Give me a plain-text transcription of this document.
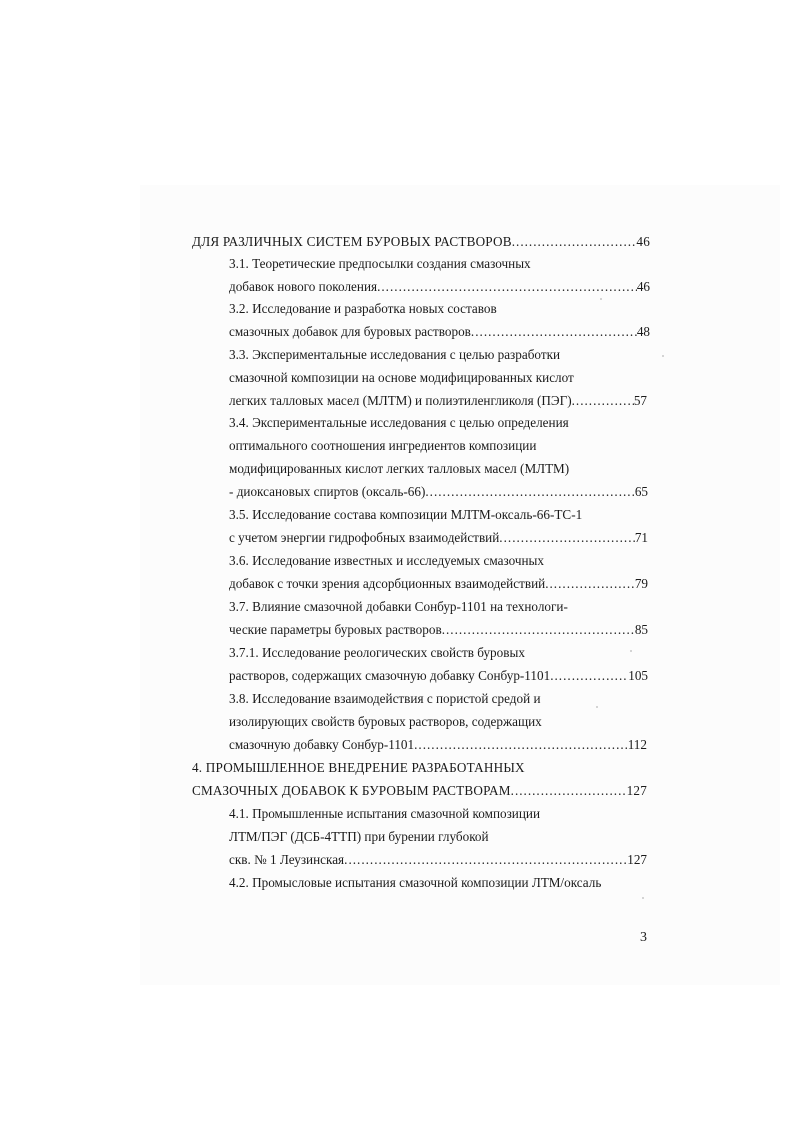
ДЛЯ РАЗЛИЧНЫХ СИСТЕМ БУРОВЫХ РАСТВОРОВ .....	46
3.1. Теоретические предпосылки создания смазочных
добавок нового поколения .....	46
3.2. Исследование и разработка новых составов
смазочных добавок для буровых растворов .....	48
3.3. Экспериментальные исследования с целью разработки
смазочной композиции на основе модифицированных кислот
легких талловых масел (МЛТМ) и полиэтиленгликоля (ПЭГ) .....	57
3.4. Экспериментальные исследования с целью определения
оптимального соотношения ингредиентов композиции
модифицированных кислот легких талловых масел (МЛТМ)
- диоксановых спиртов (оксаль-66) .....	65
3.5. Исследование состава композиции МЛТМ-оксаль-66-ТС-1
с учетом энергии гидрофобных взаимодействий .....	71
3.6. Исследование известных и исследуемых смазочных
добавок с точки зрения адсорбционных взаимодействий .....	79
3.7. Влияние смазочной добавки Сонбур-1101 на технологи-
ческие параметры буровых растворов .....	85
3.7.1. Исследование реологических свойств буровых
растворов, содержащих смазочную добавку Сонбур-1101 .....	105
3.8. Исследование взаимодействия с пористой средой и
изолирующих свойств буровых растворов, содержащих
смазочную добавку Сонбур-1101 .....	112
4. ПРОМЫШЛЕННОЕ ВНЕДРЕНИЕ РАЗРАБОТАННЫХ
СМАЗОЧНЫХ ДОБАВОК К БУРОВЫМ РАСТВОРАМ .....	127
4.1. Промышленные испытания смазочной композиции
ЛТМ/ПЭГ (ДСБ-4ТТП) при бурении глубокой
скв. № 1 Леузинская .....	127
4.2. Промысловые испытания смазочной композиции ЛТМ/оксаль
3
